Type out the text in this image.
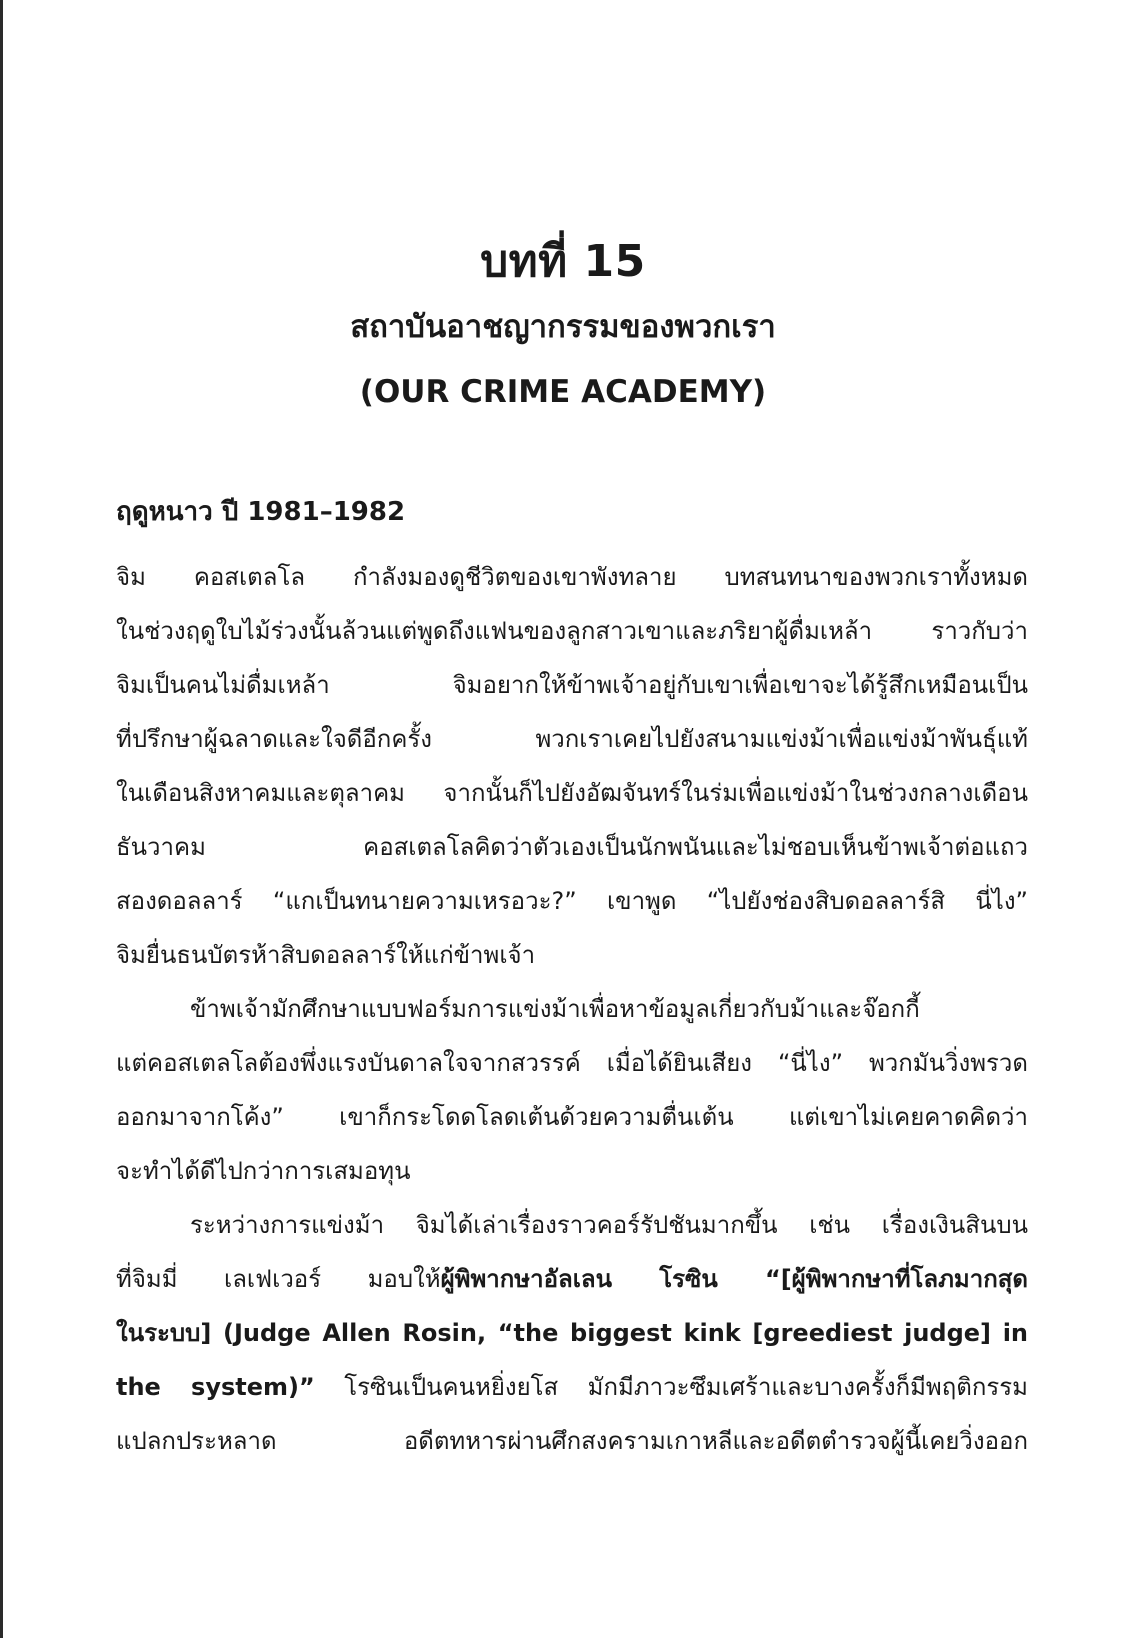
บทที่ 15
สถาบันอาชญากรรมของพวกเรา
(OUR CRIME ACADEMY)
ฤดูหนาว ปี 1981–1982
จิม คอสเตลโล กำลังมองดูชีวิตของเขาพังทลาย บทสนทนาของพวกเราทั้งหมด
ในช่วงฤดูใบไม้ร่วงนั้นล้วนแต่พูดถึงแฟนของลูกสาวเขาและภริยาผู้ดื่มเหล้า ราวกับว่า
จิมเป็นคนไม่ดื่มเหล้า จิมอยากให้ข้าพเจ้าอยู่กับเขาเพื่อเขาจะได้รู้สึกเหมือนเป็น
ที่ปรึกษาผู้ฉลาดและใจดีอีกครั้ง พวกเราเคยไปยังสนามแข่งม้าเพื่อแข่งม้าพันธุ์แท้
ในเดือนสิงหาคมและตุลาคม จากนั้นก็ไปยังอัฒจันทร์ในร่มเพื่อแข่งม้าในช่วงกลางเดือน
ธันวาคม คอสเตลโลคิดว่าตัวเองเป็นนักพนันและไม่ชอบเห็นข้าพเจ้าต่อแถว
สองดอลลาร์ “แกเป็นทนายความเหรอวะ?” เขาพูด “ไปยังช่องสิบดอลลาร์สิ นี่ไง”
จิมยื่นธนบัตรห้าสิบดอลลาร์ให้แก่ข้าพเจ้า
ข้าพเจ้ามักศึกษาแบบฟอร์มการแข่งม้าเพื่อหาข้อมูลเกี่ยวกับม้าและจ๊อกกี้
แต่คอสเตลโลต้องพึ่งแรงบันดาลใจจากสวรรค์ เมื่อได้ยินเสียง “นี่ไง” พวกมันวิ่งพรวด
ออกมาจากโค้ง” เขาก็กระโดดโลดเต้นด้วยความตื่นเต้น แต่เขาไม่เคยคาดคิดว่า
จะทำได้ดีไปกว่าการเสมอทุน
ระหว่างการแข่งม้า จิมได้เล่าเรื่องราวคอร์รัปชันมากขึ้น เช่น เรื่องเงินสินบน
ที่จิมมี่ เลเฟเวอร์ มอบให้ผู้พิพากษาอัลเลน โรซิน “[ผู้พิพากษาที่โลภมากสุด
ในระบบ] (Judge Allen Rosin, “the biggest kink [greediest judge] in
the system)” โรซินเป็นคนหยิ่งยโส มักมีภาวะซึมเศร้าและบางครั้งก็มีพฤติกรรม
แปลกประหลาด อดีตทหารผ่านศึกสงครามเกาหลีและอดีตตำรวจผู้นี้เคยวิ่งออก
